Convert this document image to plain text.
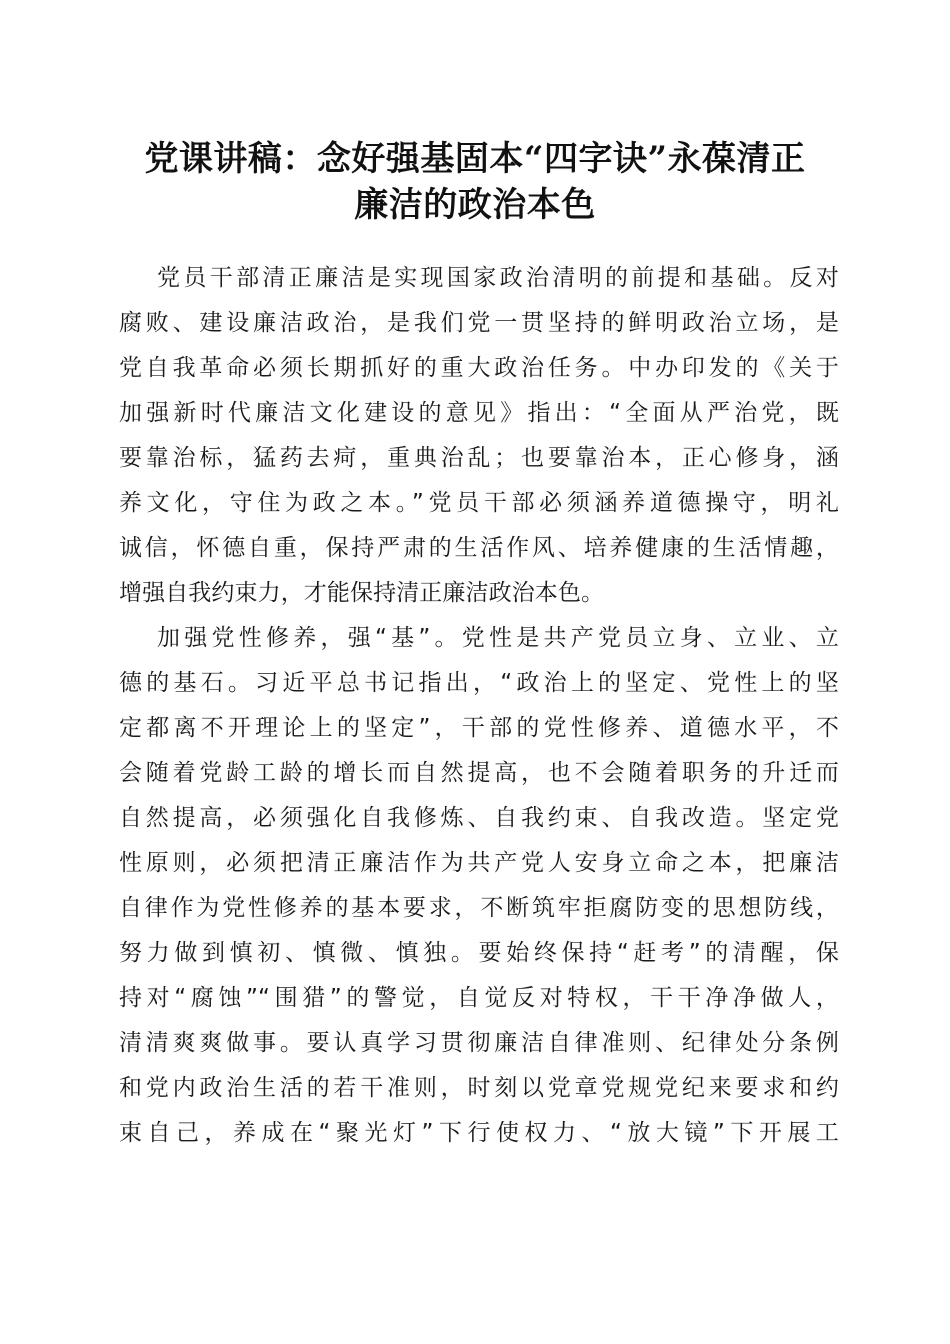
党课讲稿：念好强基固本“四字诀”永葆清正
廉洁的政治本色
党员干部清正廉洁是实现国家政治清明的前提和基础。反对
腐败、建设廉洁政治，是我们党一贯坚持的鲜明政治立场，是
党自我革命必须长期抓好的重大政治任务。中办印发的《关于
加强新时代廉洁文化建设的意见》指出：“全面从严治党，既
要靠治标，猛药去疴，重典治乱；也要靠治本，正心修身，涵
养文化，守住为政之本。”党员干部必须涵养道德操守，明礼
诚信，怀德自重，保持严肃的生活作风、培养健康的生活情趣，
增强自我约束力，才能保持清正廉洁政治本色。
加强党性修养，强“基”。党性是共产党员立身、立业、立
德的基石。习近平总书记指出，“政治上的坚定、党性上的坚
定都离不开理论上的坚定”，干部的党性修养、道德水平，不
会随着党龄工龄的增长而自然提高，也不会随着职务的升迁而
自然提高，必须强化自我修炼、自我约束、自我改造。坚定党
性原则，必须把清正廉洁作为共产党人安身立命之本，把廉洁
自律作为党性修养的基本要求，不断筑牢拒腐防变的思想防线，
努力做到慎初、慎微、慎独。要始终保持“赶考”的清醒，保
持对“腐蚀”“围猎”的警觉，自觉反对特权，干干净净做人，
清清爽爽做事。要认真学习贯彻廉洁自律准则、纪律处分条例
和党内政治生活的若干准则，时刻以党章党规党纪来要求和约
束自己，养成在“聚光灯”下行使权力、“放大镜”下开展工
